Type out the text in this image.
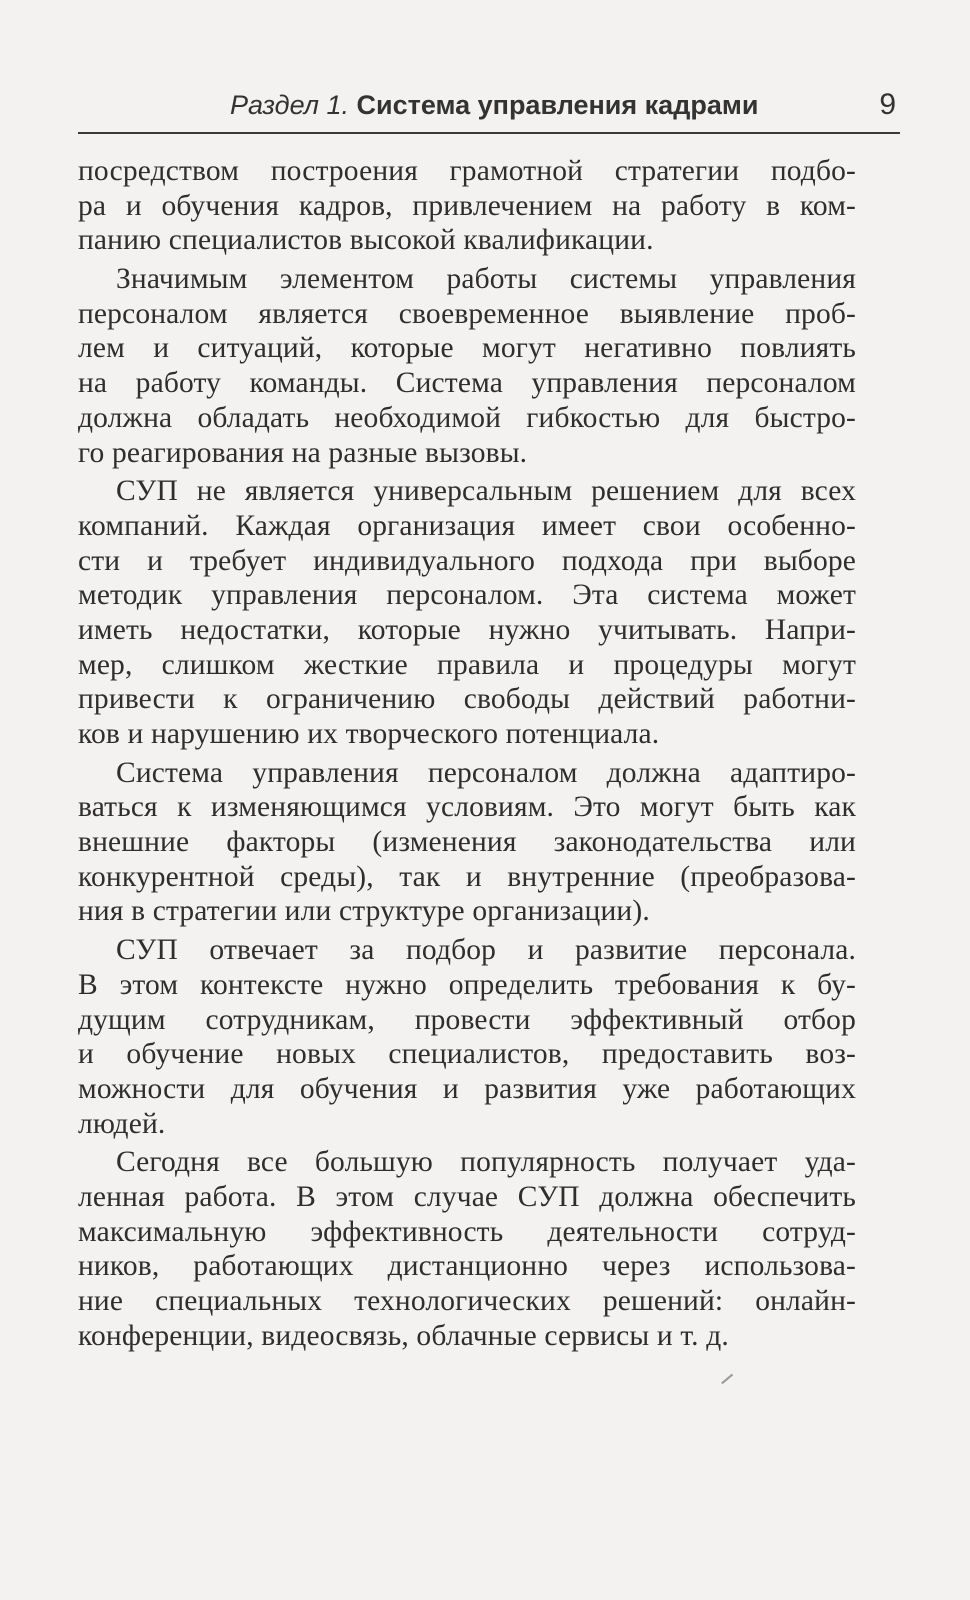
Раздел 1. Система управления кадрами	9
посредством построения грамотной стратегии подбо-
ра и обучения кадров, привлечением на работу в ком-
панию специалистов высокой квалификации.
Значимым элементом работы системы управления
персоналом является своевременное выявление проб-
лем и ситуаций, которые могут негативно повлиять
на работу команды. Система управления персоналом
должна обладать необходимой гибкостью для быстро-
го реагирования на разные вызовы.
СУП не является универсальным решением для всех
компаний. Каждая организация имеет свои особенно-
сти и требует индивидуального подхода при выборе
методик управления персоналом. Эта система может
иметь недостатки, которые нужно учитывать. Напри-
мер, слишком жесткие правила и процедуры могут
привести к ограничению свободы действий работни-
ков и нарушению их творческого потенциала.
Система управления персоналом должна адаптиро-
ваться к изменяющимся условиям. Это могут быть как
внешние факторы (изменения законодательства или
конкурентной среды), так и внутренние (преобразова-
ния в стратегии или структуре организации).
СУП отвечает за подбор и развитие персонала.
В этом контексте нужно определить требования к бу-
дущим сотрудникам, провести эффективный отбор
и обучение новых специалистов, предоставить воз-
можности для обучения и развития уже работающих
людей.
Сегодня все большую популярность получает уда-
ленная работа. В этом случае СУП должна обеспечить
максимальную эффективность деятельности сотруд-
ников, работающих дистанционно через использова-
ние специальных технологических решений: онлайн-
конференции, видеосвязь, облачные сервисы и т. д.
